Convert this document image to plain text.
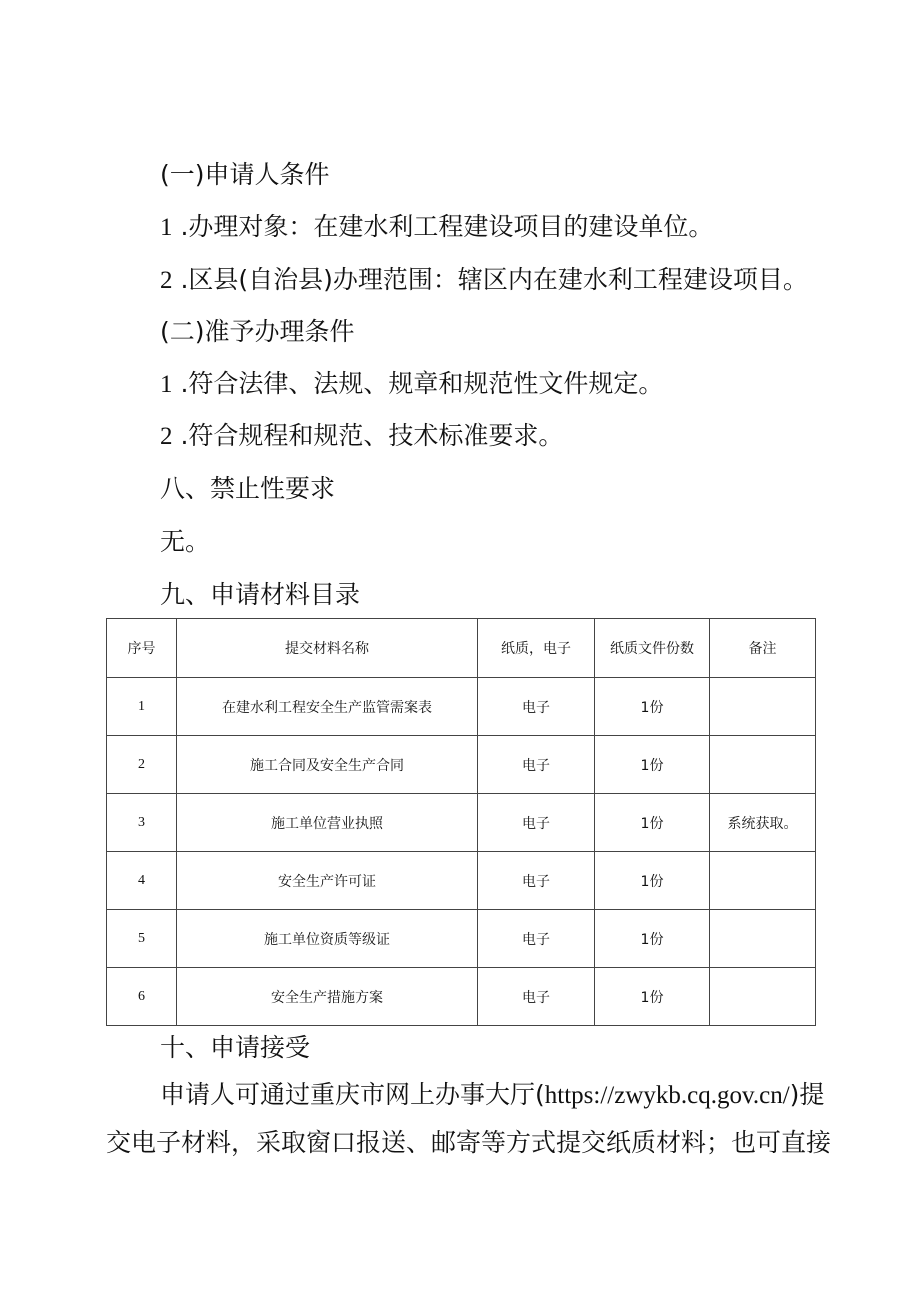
(一)申请人条件

1 .办理对象：在建水利工程建设项目的建设单位。

2 .区县(自治县)办理范围：辖区内在建水利工程建设项目。

(二)准予办理条件

1 .符合法律、法规、规章和规范性文件规定。

2 .符合规程和规范、技术标准要求。

八、禁止性要求

无。

九、申请材料目录
序号	提交材料名称	纸质，电子	纸质文件份数	备注
1	在建水利工程安全生产监管需案表	电子	1份	
2	施工合同及安全生产合同	电子	1份	
3	施工单位营业执照	电子	1份	系统获取。
4	安全生产许可证	电子	1份	
5	施工单位资质等级证	电子	1份	
6	安全生产措施方案	电子	1份	
十、申请接受

申请人可通过重庆市网上办事大厅(https://zwykb.cq.gov.cn/)提

交电子材料，采取窗口报送、邮寄等方式提交纸质材料；也可直接
